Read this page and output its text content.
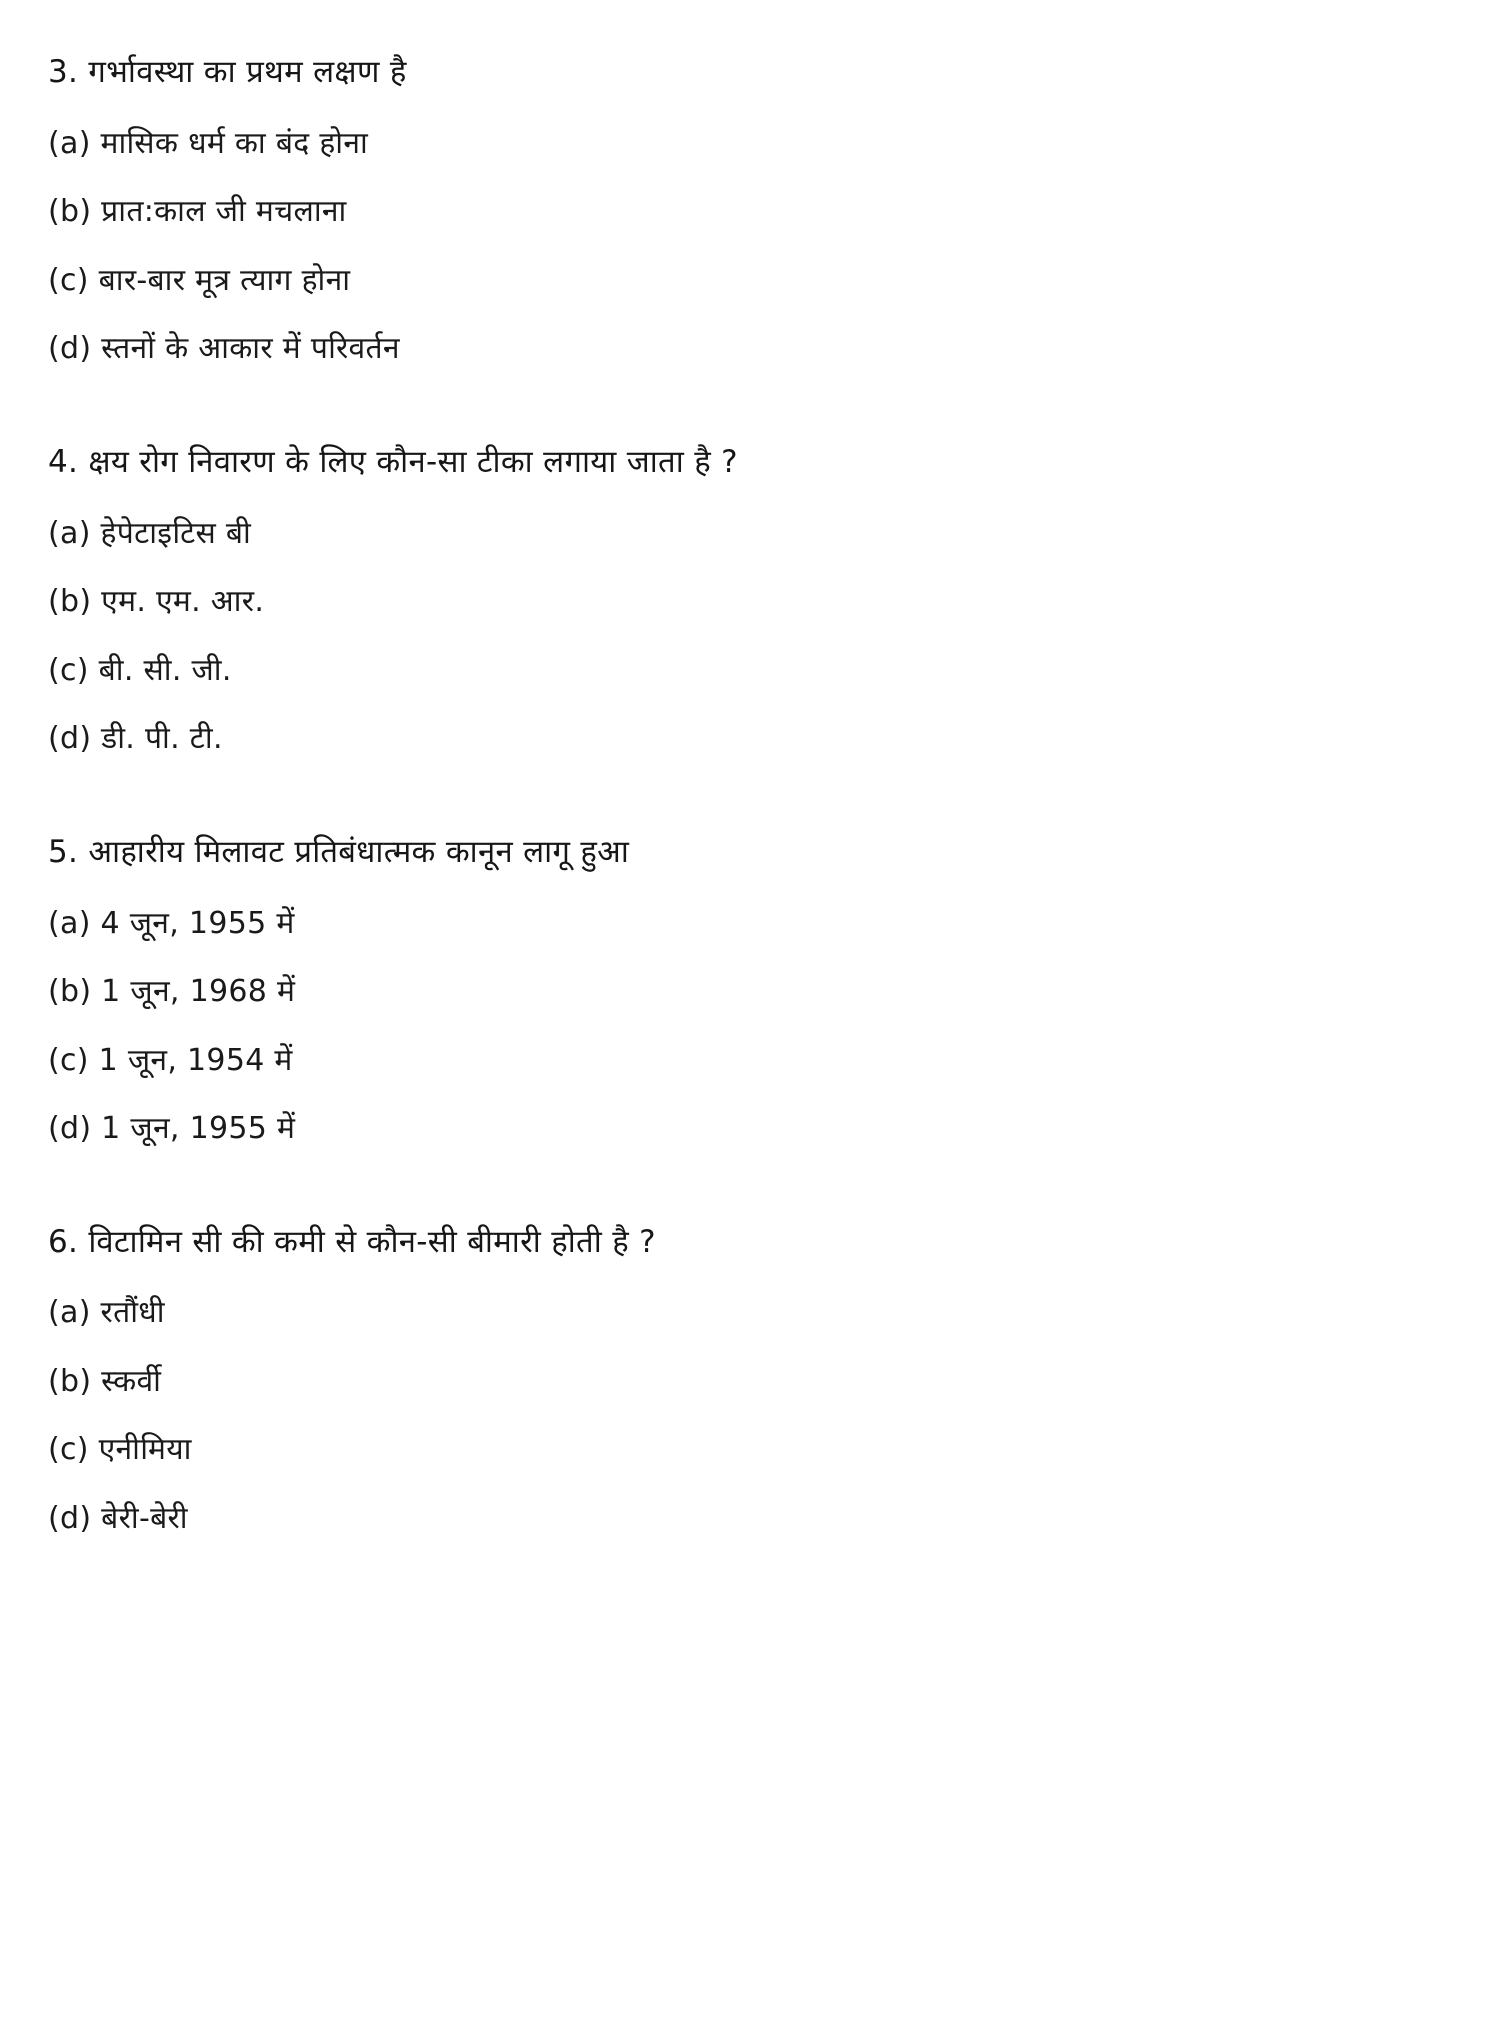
3. गर्भावस्था का प्रथम लक्षण है

(a) मासिक धर्म का बंद होना

(b) प्रात:काल जी मचलाना

(c) बार-बार मूत्र त्याग होना

(d) स्तनों के आकार में परिवर्तन

4. क्षय रोग निवारण के लिए कौन-सा टीका लगाया जाता है ?

(a) हेपेटाइटिस बी

(b) एम. एम. आर.

(c) बी. सी. जी.

(d) डी. पी. टी.

5. आहारीय मिलावट प्रतिबंधात्मक कानून लागू हुआ

(a) 4 जून, 1955 में

(b) 1 जून, 1968 में

(c) 1 जून, 1954 में

(d) 1 जून, 1955 में

6. विटामिन सी की कमी से कौन-सी बीमारी होती है ?

(a) रतौंधी

(b) स्कर्वी

(c) एनीमिया

(d) बेरी-बेरी
